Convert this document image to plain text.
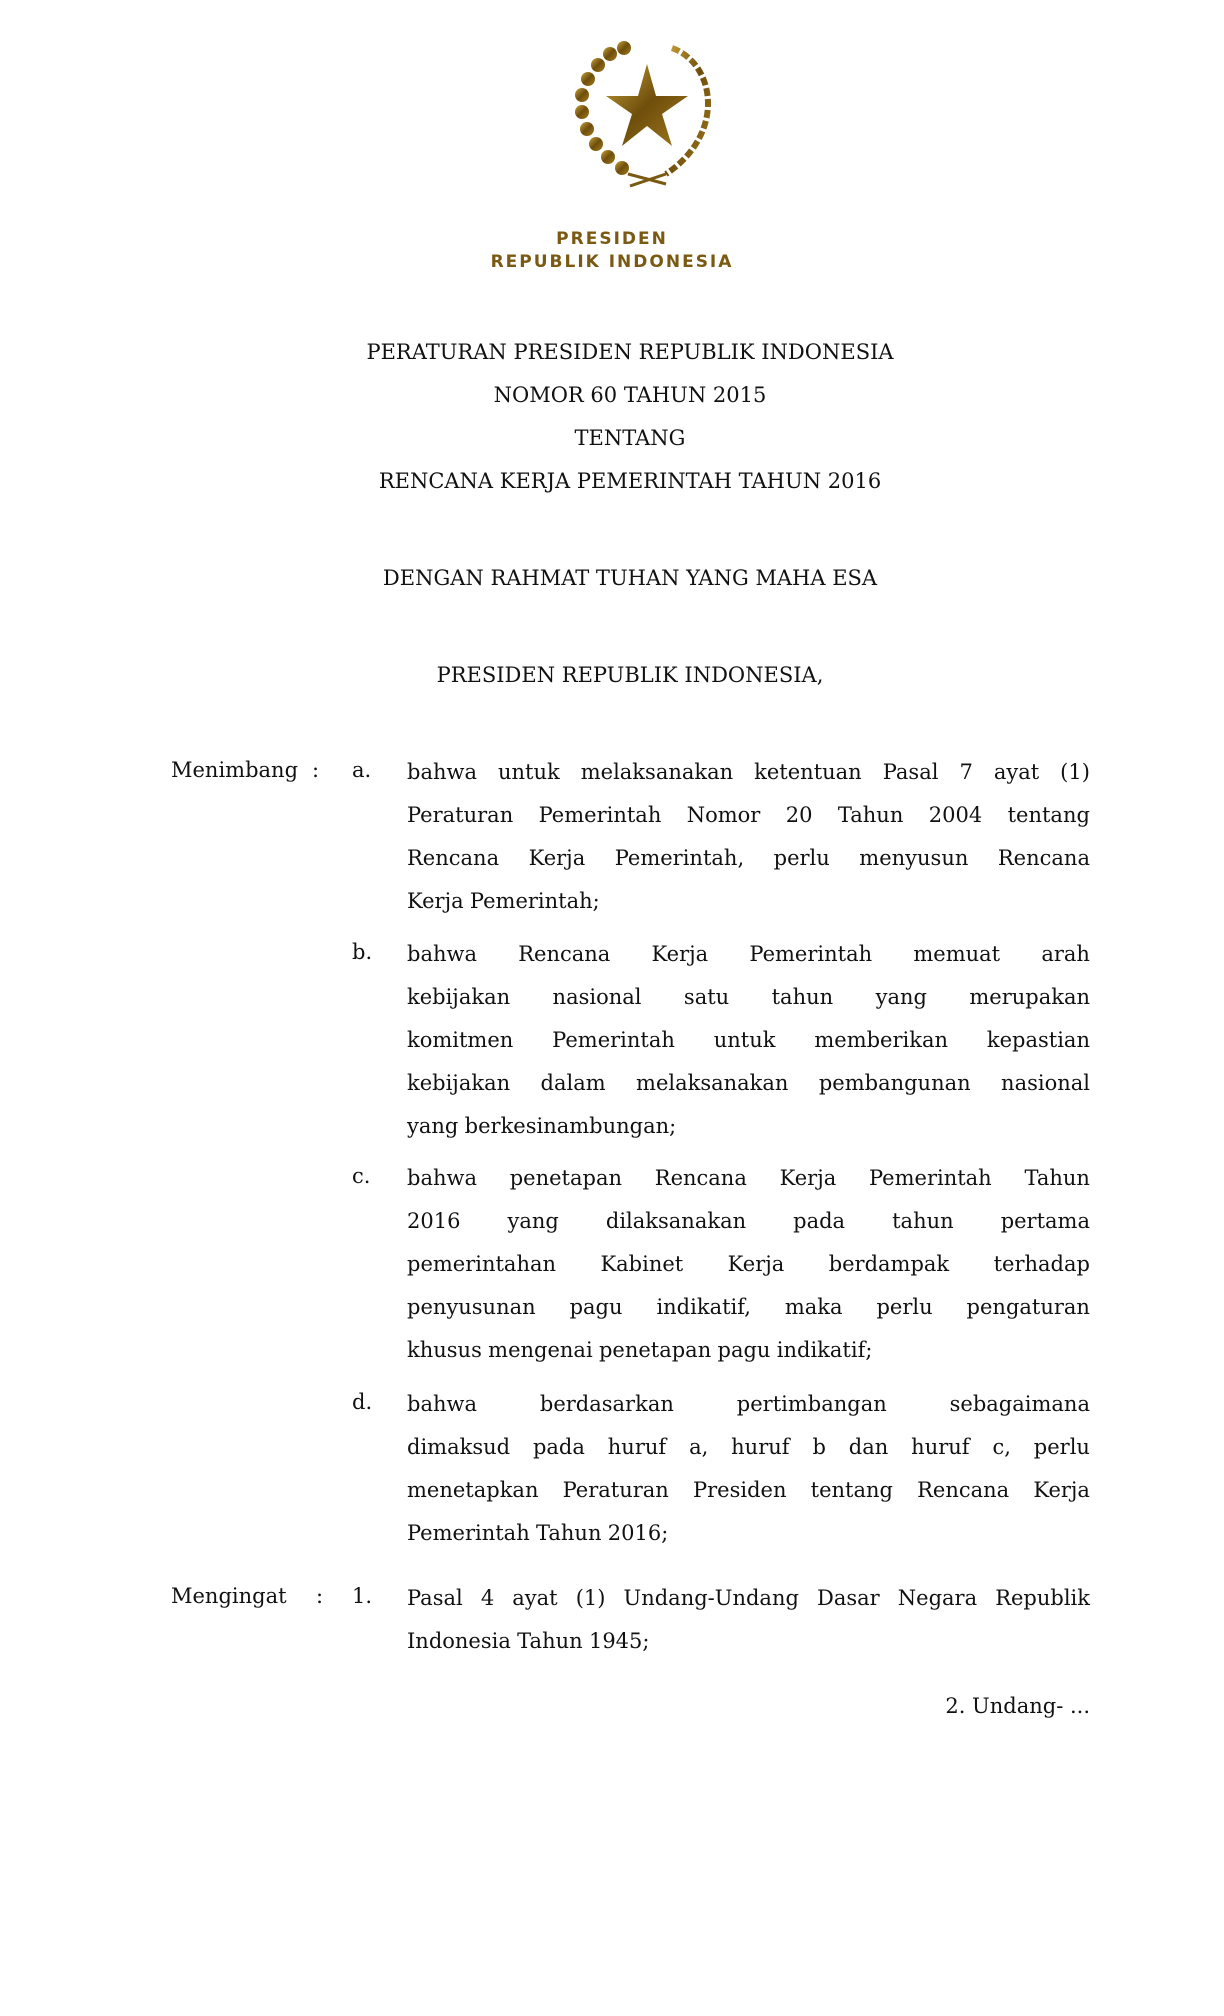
PRESIDEN
REPUBLIK INDONESIA
PERATURAN PRESIDEN REPUBLIK INDONESIA
NOMOR 60 TAHUN 2015
TENTANG
RENCANA KERJA PEMERINTAH TAHUN 2016
DENGAN RAHMAT TUHAN YANG MAHA ESA
PRESIDEN REPUBLIK INDONESIA,
Menimbang : a. bahwa untuk melaksanakan ketentuan Pasal 7 ayat (1)
Peraturan Pemerintah Nomor 20 Tahun 2004 tentang
Rencana Kerja Pemerintah, perlu menyusun Rencana
Kerja Pemerintah;
b. bahwa Rencana Kerja Pemerintah memuat arah
kebijakan nasional satu tahun yang merupakan
komitmen Pemerintah untuk memberikan kepastian
kebijakan dalam melaksanakan pembangunan nasional
yang berkesinambungan;
c. bahwa penetapan Rencana Kerja Pemerintah Tahun
2016 yang dilaksanakan pada tahun pertama
pemerintahan Kabinet Kerja berdampak terhadap
penyusunan pagu indikatif, maka perlu pengaturan
khusus mengenai penetapan pagu indikatif;
d. bahwa	berdasarkan	pertimbangan	sebagaimana
dimaksud pada huruf a, huruf b dan huruf c, perlu
menetapkan Peraturan Presiden tentang Rencana Kerja
Pemerintah Tahun 2016;
Mengingat : 1. Pasal 4 ayat (1) Undang-Undang Dasar Negara Republik
Indonesia Tahun 1945;
2. Undang- ...
